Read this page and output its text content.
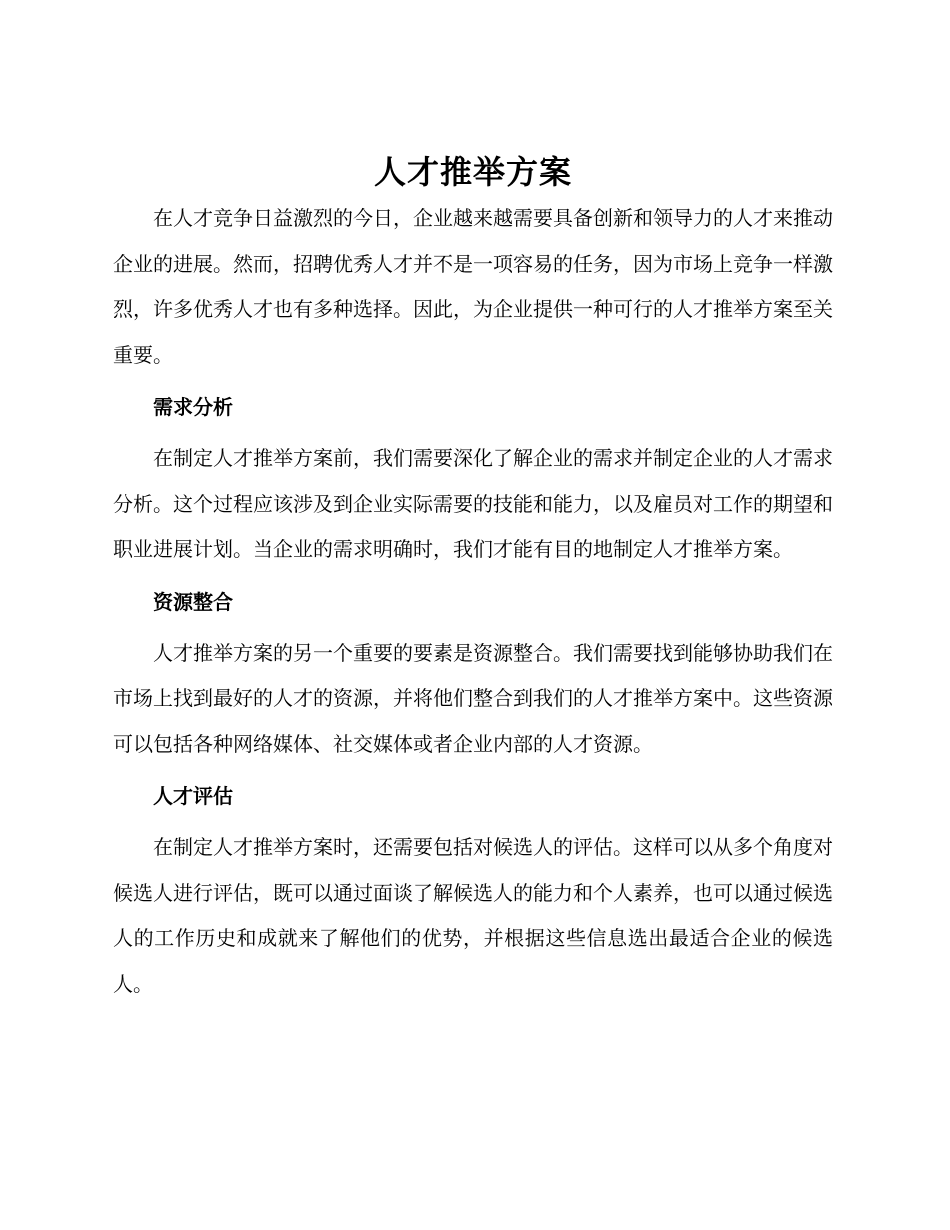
人才推举方案

在人才竞争日益激烈的今日，企业越来越需要具备创新和领导力的人才来推动企业的进展。然而，招聘优秀人才并不是一项容易的任务，因为市场上竞争一样激烈，许多优秀人才也有多种选择。因此，为企业提供一种可行的人才推举方案至关重要。

需求分析

在制定人才推举方案前，我们需要深化了解企业的需求并制定企业的人才需求分析。这个过程应该涉及到企业实际需要的技能和能力，以及雇员对工作的期望和职业进展计划。当企业的需求明确时，我们才能有目的地制定人才推举方案。

资源整合

人才推举方案的另一个重要的要素是资源整合。我们需要找到能够协助我们在市场上找到最好的人才的资源，并将他们整合到我们的人才推举方案中。这些资源可以包括各种网络媒体、社交媒体或者企业内部的人才资源。

人才评估

在制定人才推举方案时，还需要包括对候选人的评估。这样可以从多个角度对候选人进行评估，既可以通过面谈了解候选人的能力和个人素养，也可以通过候选人的工作历史和成就来了解他们的优势，并根据这些信息选出最适合企业的候选人。
